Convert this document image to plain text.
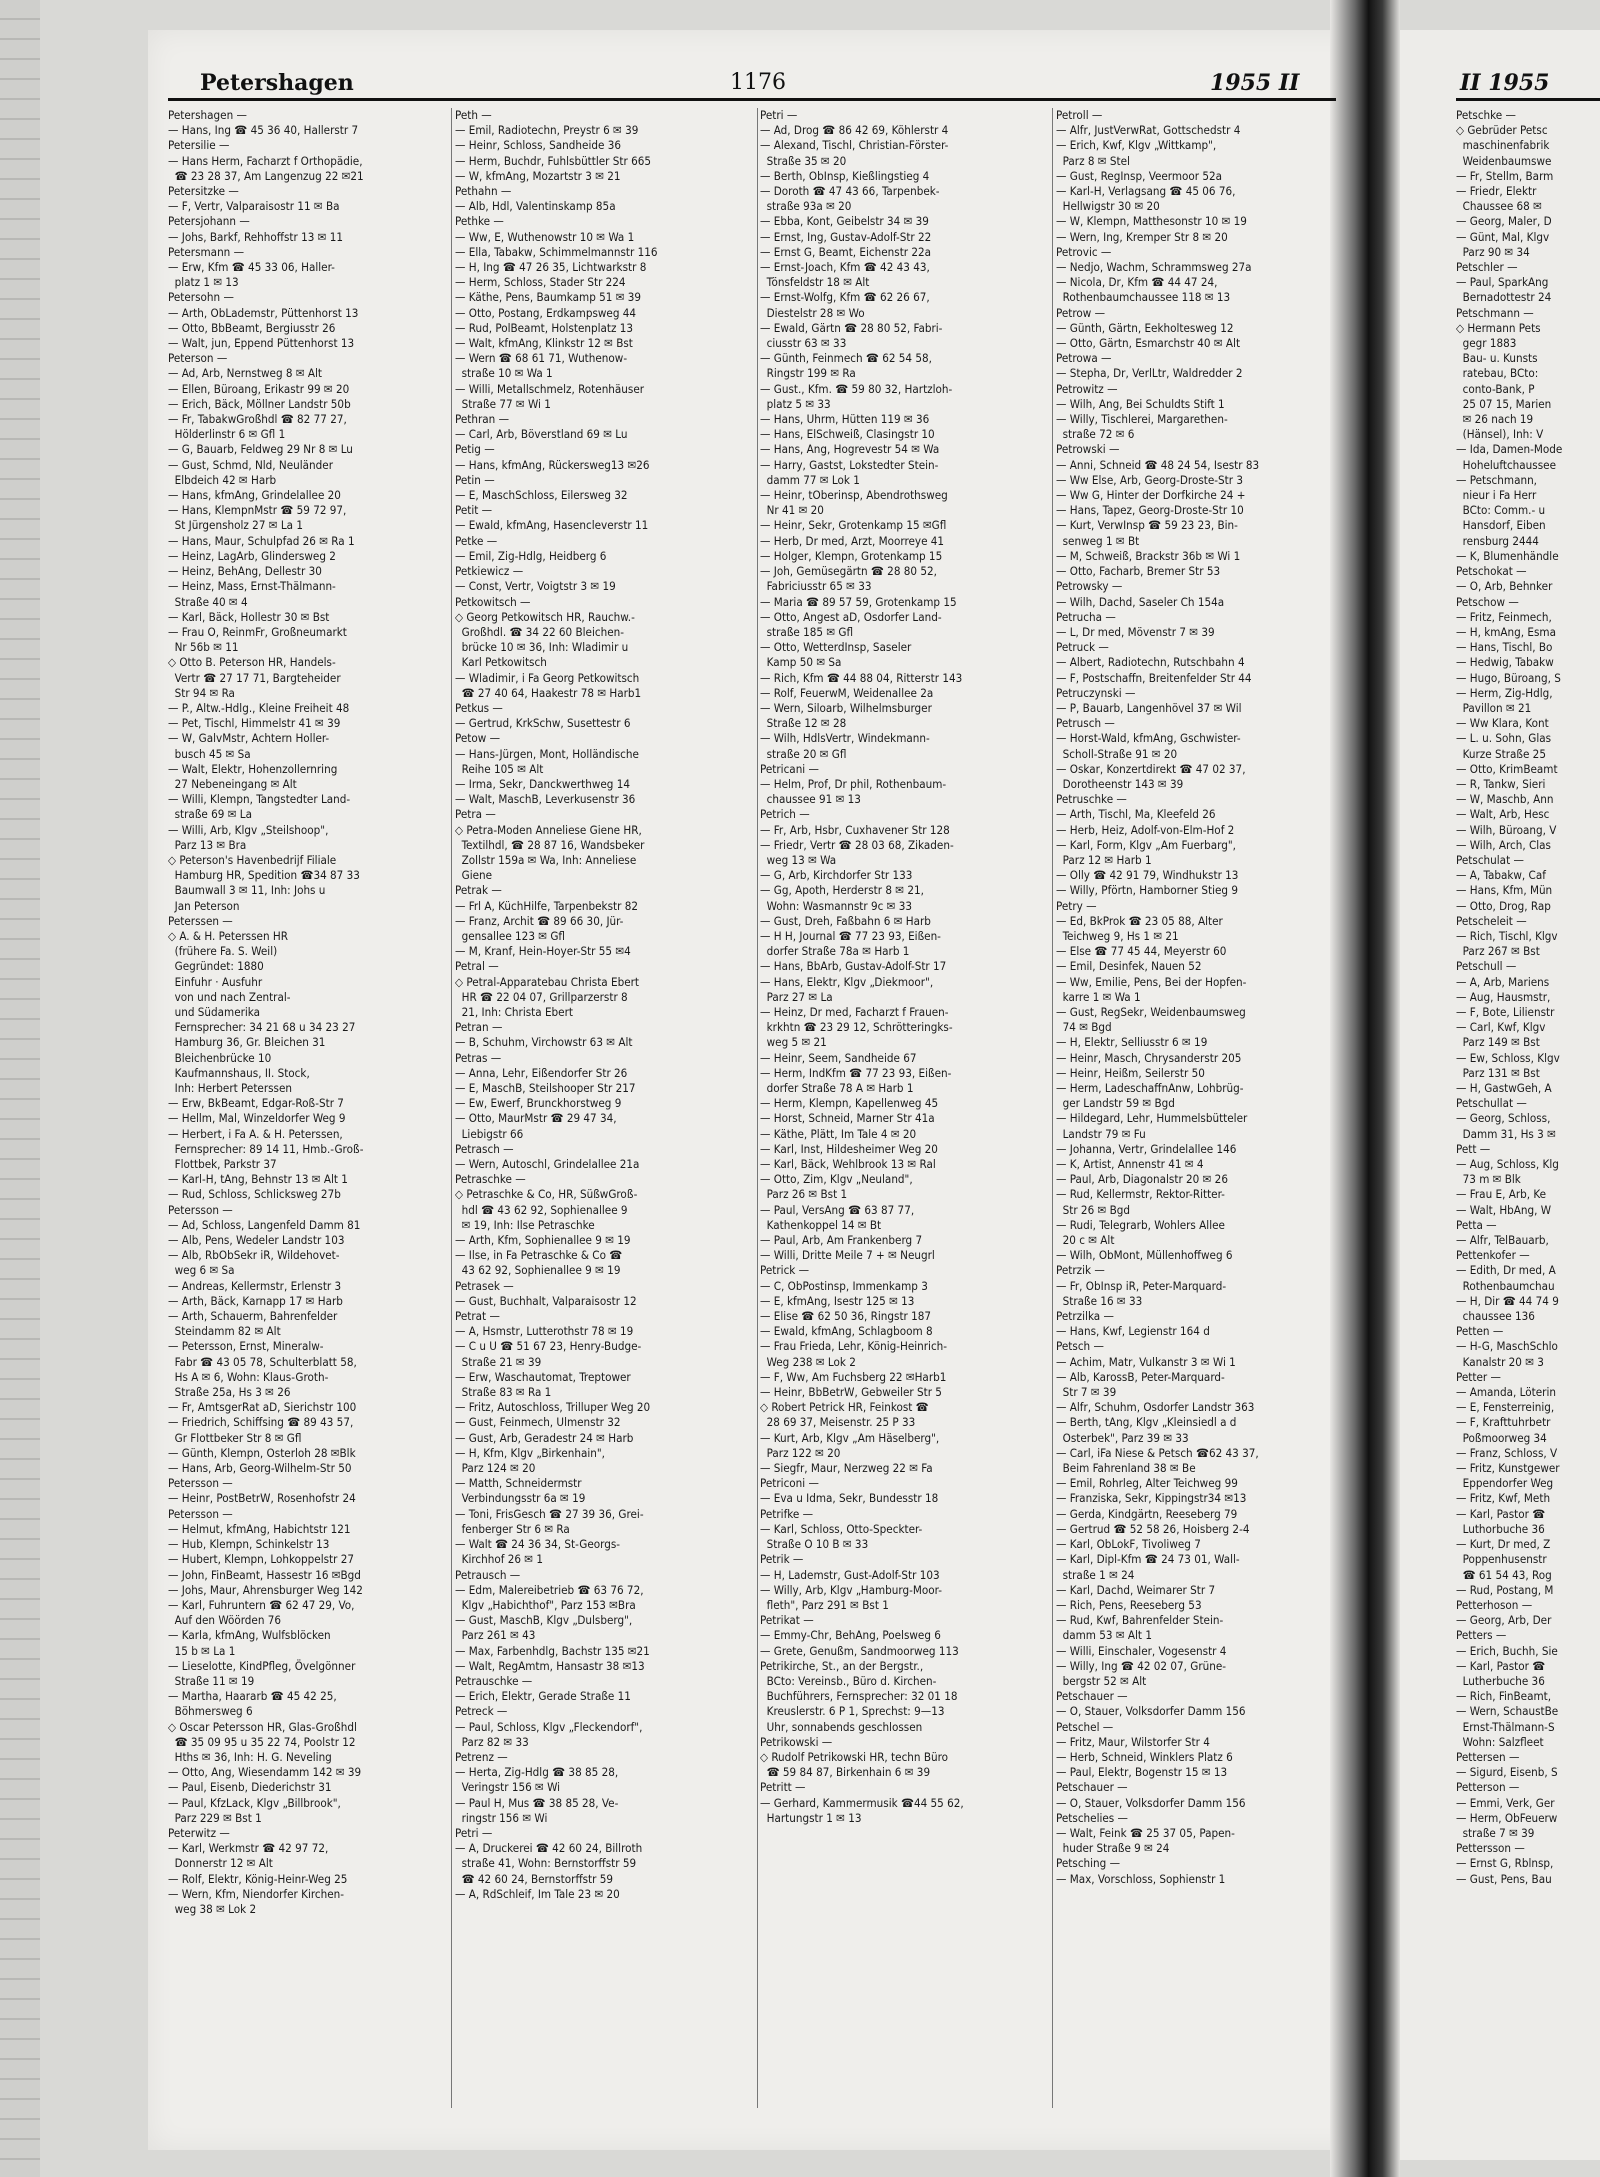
Petershagen	1176	1955 II	II 1955
Petershagen —
— Hans, Ing ☎ 45 36 40, Hallerstr 7
Petersilie —
— Hans Herm, Facharzt f Orthopädie,
☎ 23 28 37, Am Langenzug 22 ✉21
Petersitzke —
— F, Vertr, Valparaisostr 11 ✉ Ba
Petersjohann —
— Johs, Barkf, Rehhoffstr 13 ✉ 11
Petersmann —
— Erw, Kfm ☎ 45 33 06, Haller-
platz 1 ✉ 13
Petersohn —
— Arth, ObLademstr, Püttenhorst 13
— Otto, BbBeamt, Bergiusstr 26
— Walt, jun, Eppend Püttenhorst 13
Peterson —
— Ad, Arb, Nernstweg 8 ✉ Alt
— Ellen, Büroang, Erikastr 99 ✉ 20
— Erich, Bäck, Möllner Landstr 50b
— Fr, TabakwGroßhdl ☎ 82 77 27,
Hölderlinstr 6 ✉ Gfl 1
— G, Bauarb, Feldweg 29 Nr 8 ✉ Lu
— Gust, Schmd, Nld, Neuländer
Elbdeich 42 ✉ Harb
— Hans, kfmAng, Grindelallee 20
— Hans, KlempnMstr ☎ 59 72 97,
St Jürgensholz 27 ✉ La 1
— Hans, Maur, Schulpfad 26 ✉ Ra 1
— Heinz, LagArb, Glindersweg 2
— Heinz, BehAng, Dellestr 30
— Heinz, Mass, Ernst-Thälmann-
Straße 40 ✉ 4
— Karl, Bäck, Hollestr 30 ✉ Bst
— Frau O, ReinmFr, Großneumarkt
Nr 56b ✉ 11
◇ Otto B. Peterson HR, Handels-
Vertr ☎ 27 17 71, Bargteheider
Str 94 ✉ Ra
— P., Altw.-Hdlg., Kleine Freiheit 48
— Pet, Tischl, Himmelstr 41 ✉ 39
— W, GalvMstr, Achtern Holler-
busch 45 ✉ Sa
— Walt, Elektr, Hohenzollernring
27 Nebeneingang ✉ Alt
— Willi, Klempn, Tangstedter Land-
straße 69 ✉ La
— Willi, Arb, Klgv „Steilshoop",
Parz 13 ✉ Bra
◇ Peterson's Havenbedrijf Filiale
Hamburg HR, Spedition ☎34 87 33
Baumwall 3 ✉ 11, Inh: Johs u
Jan Peterson
Peterssen —
◇ A. & H. Peterssen HR
(frühere Fa. S. Weil)
Gegründet: 1880
Einfuhr · Ausfuhr
von und nach Zentral-
und Südamerika
Fernsprecher: 34 21 68 u 34 23 27
Hamburg 36, Gr. Bleichen 31
Bleichenbrücke 10
Kaufmannshaus, II. Stock,
Inh: Herbert Peterssen
— Erw, BkBeamt, Edgar-Roß-Str 7
— Hellm, Mal, Winzeldorfer Weg 9
— Herbert, i Fa A. & H. Peterssen,
Fernsprecher: 89 14 11, Hmb.-Groß-
Flottbek, Parkstr 37
— Karl-H, tAng, Behnstr 13 ✉ Alt 1
— Rud, Schloss, Schlicksweg 27b
Petersson —
— Ad, Schloss, Langenfeld Damm 81
— Alb, Pens, Wedeler Landstr 103
— Alb, RbObSekr iR, Wildehovet-
weg 6 ✉ Sa
— Andreas, Kellermstr, Erlenstr 3
— Arth, Bäck, Karnapp 17 ✉ Harb
— Arth, Schauerm, Bahrenfelder
Steindamm 82 ✉ Alt
— Petersson, Ernst, Mineralw-
Fabr ☎ 43 05 78, Schulterblatt 58,
Hs A ✉ 6, Wohn: Klaus-Groth-
Straße 25a, Hs 3 ✉ 26
— Fr, AmtsgerRat aD, Sierichstr 100
— Friedrich, Schiffsing ☎ 89 43 57,
Gr Flottbeker Str 8 ✉ Gfl
— Günth, Klempn, Osterloh 28 ✉Blk
— Hans, Arb, Georg-Wilhelm-Str 50
Petersson —
— Heinr, PostBetrW, Rosenhofstr 24
Petersson —
— Helmut, kfmAng, Habichtstr 121
— Hub, Klempn, Schinkelstr 13
— Hubert, Klempn, Lohkoppelstr 27
— John, FinBeamt, Hassestr 16 ✉Bgd
— Johs, Maur, Ahrensburger Weg 142
— Karl, Fuhruntern ☎ 62 47 29, Vo,
Auf den Wöörden 76
— Karla, kfmAng, Wulfsblöcken
15 b ✉ La 1
— Lieselotte, KindPfleg, Övelgönner
Straße 11 ✉ 19
— Martha, Haararb ☎ 45 42 25,
Böhmersweg 6
◇ Oscar Petersson HR, Glas-Großhdl
☎ 35 09 95 u 35 22 74, Poolstr 12
Hths ✉ 36, Inh: H. G. Neveling
— Otto, Ang, Wiesendamm 142 ✉ 39
— Paul, Eisenb, Diederichstr 31
— Paul, KfzLack, Klgv „Billbrook",
Parz 229 ✉ Bst 1
Peterwitz —
— Karl, Werkmstr ☎ 42 97 72,
Donnerstr 12 ✉ Alt
— Rolf, Elektr, König-Heinr-Weg 25
— Wern, Kfm, Niendorfer Kirchen-
weg 38 ✉ Lok 2
Peth —
— Emil, Radiotechn, Preystr 6 ✉ 39
— Heinr, Schloss, Sandheide 36
— Herm, Buchdr, Fuhlsbüttler Str 665
— W, kfmAng, Mozartstr 3 ✉ 21
Pethahn —
— Alb, Hdl, Valentinskamp 85a
Pethke —
— Ww, E, Wuthenowstr 10 ✉ Wa 1
— Ella, Tabakw, Schimmelmannstr 116
— H, Ing ☎ 47 26 35, Lichtwarkstr 8
— Herm, Schloss, Stader Str 224
— Käthe, Pens, Baumkamp 51 ✉ 39
— Otto, Postang, Erdkampsweg 44
— Rud, PolBeamt, Holstenplatz 13
— Walt, kfmAng, Klinkstr 12 ✉ Bst
— Wern ☎ 68 61 71, Wuthenow-
straße 10 ✉ Wa 1
— Willi, Metallschmelz, Rotenhäuser
Straße 77 ✉ Wi 1
Pethran —
— Carl, Arb, Böverstland 69 ✉ Lu
Petig —
— Hans, kfmAng, Rückersweg13 ✉26
Petin —
— E, MaschSchloss, Eilersweg 32
Petit —
— Ewald, kfmAng, Hasencleverstr 11
Petke —
— Emil, Zig-Hdlg, Heidberg 6
Petkiewicz —
— Const, Vertr, Voigtstr 3 ✉ 19
Petkowitsch —
◇ Georg Petkowitsch HR, Rauchw.-
Großhdl. ☎ 34 22 60 Bleichen-
brücke 10 ✉ 36, Inh: Wladimir u
Karl Petkowitsch
— Wladimir, i Fa Georg Petkowitsch
☎ 27 40 64, Haakestr 78 ✉ Harb1
Petkus —
— Gertrud, KrkSchw, Susettestr 6
Petow —
— Hans-Jürgen, Mont, Holländische
Reihe 105 ✉ Alt
— Irma, Sekr, Danckwerthweg 14
— Walt, MaschB, Leverkusenstr 36
Petra —
◇ Petra-Moden Anneliese Giene HR,
Textilhdl, ☎ 28 87 16, Wandsbeker
Zollstr 159a ✉ Wa, Inh: Anneliese
Giene
Petrak —
— Frl A, KüchHilfe, Tarpenbekstr 82
— Franz, Archit ☎ 89 66 30, Jür-
gensallee 123 ✉ Gfl
— M, Kranf, Hein-Hoyer-Str 55 ✉4
Petral —
◇ Petral-Apparatebau Christa Ebert
HR ☎ 22 04 07, Grillparzerstr 8
21, Inh: Christa Ebert
Petran —
— B, Schuhm, Virchowstr 63 ✉ Alt
Petras —
— Anna, Lehr, Eißendorfer Str 26
— E, MaschB, Steilshooper Str 217
— Ew, Ewerf, Brunckhorstweg 9
— Otto, MaurMstr ☎ 29 47 34,
Liebigstr 66
Petrasch —
— Wern, Autoschl, Grindelallee 21a
Petraschke —
◇ Petraschke & Co, HR, SüßwGroß-
hdl ☎ 43 62 92, Sophienallee 9
✉ 19, Inh: Ilse Petraschke
— Arth, Kfm, Sophienallee 9 ✉ 19
— Ilse, in Fa Petraschke & Co ☎
43 62 92, Sophienallee 9 ✉ 19
Petrasek —
— Gust, Buchhalt, Valparaisostr 12
Petrat —
— A, Hsmstr, Lutterothstr 78 ✉ 19
— C u U ☎ 51 67 23, Henry-Budge-
Straße 21 ✉ 39
— Erw, Waschautomat, Treptower
Straße 83 ✉ Ra 1
— Fritz, Autoschloss, Trilluper Weg 20
— Gust, Feinmech, Ulmenstr 32
— Gust, Arb, Geradestr 24 ✉ Harb
— H, Kfm, Klgv „Birkenhain",
Parz 124 ✉ 20
— Matth, Schneidermstr
Verbindungsstr 6a ✉ 19
— Toni, FrisGesch ☎ 27 39 36, Grei-
fenberger Str 6 ✉ Ra
— Walt ☎ 24 36 34, St-Georgs-
Kirchhof 26 ✉ 1
Petrausch —
— Edm, Malereibetrieb ☎ 63 76 72,
Klgv „Habichthof", Parz 153 ✉Bra
— Gust, MaschB, Klgv „Dulsberg",
Parz 261 ✉ 43
— Max, Farbenhdlg, Bachstr 135 ✉21
— Walt, RegAmtm, Hansastr 38 ✉13
Petrauschke —
— Erich, Elektr, Gerade Straße 11
Petreck —
— Paul, Schloss, Klgv „Fleckendorf",
Parz 82 ✉ 33
Petrenz —
— Herta, Zig-Hdlg ☎ 38 85 28,
Veringstr 156 ✉ Wi
— Paul H, Mus ☎ 38 85 28, Ve-
ringstr 156 ✉ Wi
Petri —
— A, Druckerei ☎ 42 60 24, Billroth
straße 41, Wohn: Bernstorffstr 59
☎ 42 60 24, Bernstorffstr 59
— A, RdSchleif, Im Tale 23 ✉ 20
Petri —
— Ad, Drog ☎ 86 42 69, Köhlerstr 4
— Alexand, Tischl, Christian-Förster-
Straße 35 ✉ 20
— Berth, ObInsp, Kießlingstieg 4
— Doroth ☎ 47 43 66, Tarpenbek-
straße 93a ✉ 20
— Ebba, Kont, Geibelstr 34 ✉ 39
— Ernst, Ing, Gustav-Adolf-Str 22
— Ernst G, Beamt, Eichenstr 22a
— Ernst-Joach, Kfm ☎ 42 43 43,
Tönsfeldstr 18 ✉ Alt
— Ernst-Wolfg, Kfm ☎ 62 26 67,
Diestelstr 28 ✉ Wo
— Ewald, Gärtn ☎ 28 80 52, Fabri-
ciusstr 63 ✉ 33
— Günth, Feinmech ☎ 62 54 58,
Ringstr 199 ✉ Ra
— Gust., Kfm. ☎ 59 80 32, Hartzloh-
platz 5 ✉ 33
— Hans, Uhrm, Hütten 119 ✉ 36
— Hans, ElSchweiß, Clasingstr 10
— Hans, Ang, Hogrevestr 54 ✉ Wa
— Harry, Gastst, Lokstedter Stein-
damm 77 ✉ Lok 1
— Heinr, tOberinsp, Abendrothsweg
Nr 41 ✉ 20
— Heinr, Sekr, Grotenkamp 15 ✉Gfl
— Herb, Dr med, Arzt, Moorreye 41
— Holger, Klempn, Grotenkamp 15
— Joh, Gemüsegärtn ☎ 28 80 52,
Fabriciusstr 65 ✉ 33
— Maria ☎ 89 57 59, Grotenkamp 15
— Otto, Angest aD, Osdorfer Land-
straße 185 ✉ Gfl
— Otto, WetterdInsp, Saseler
Kamp 50 ✉ Sa
— Rich, Kfm ☎ 44 88 04, Ritterstr 143
— Rolf, FeuerwM, Weidenallee 2a
— Wern, Siloarb, Wilhelmsburger
Straße 12 ✉ 28
— Wilh, HdlsVertr, Windekmann-
straße 20 ✉ Gfl
Petricani —
— Helm, Prof, Dr phil, Rothenbaum-
chaussee 91 ✉ 13
Petrich —
— Fr, Arb, Hsbr, Cuxhavener Str 128
— Friedr, Vertr ☎ 28 03 68, Zikaden-
weg 13 ✉ Wa
— G, Arb, Kirchdorfer Str 133
— Gg, Apoth, Herderstr 8 ✉ 21,
Wohn: Wasmannstr 9c ✉ 33
— Gust, Dreh, Faßbahn 6 ✉ Harb
— H H, Journal ☎ 77 23 93, Eißen-
dorfer Straße 78a ✉ Harb 1
— Hans, BbArb, Gustav-Adolf-Str 17
— Hans, Elektr, Klgv „Diekmoor",
Parz 27 ✉ La
— Heinz, Dr med, Facharzt f Frauen-
krkhtn ☎ 23 29 12, Schrötteringks-
weg 5 ✉ 21
— Heinr, Seem, Sandheide 67
— Herm, IndKfm ☎ 77 23 93, Eißen-
dorfer Straße 78 A ✉ Harb 1
— Herm, Klempn, Kapellenweg 45
— Horst, Schneid, Marner Str 41a
— Käthe, Plätt, Im Tale 4 ✉ 20
— Karl, Inst, Hildesheimer Weg 20
— Karl, Bäck, Wehlbrook 13 ✉ Ral
— Otto, Zim, Klgv „Neuland",
Parz 26 ✉ Bst 1
— Paul, VersAng ☎ 63 87 77,
Kathenkoppel 14 ✉ Bt
— Paul, Arb, Am Frankenberg 7
— Willi, Dritte Meile 7 + ✉ Neugrl
Petrick —
— C, ObPostinsp, Immenkamp 3
— E, kfmAng, Isestr 125 ✉ 13
— Elise ☎ 62 50 36, Ringstr 187
— Ewald, kfmAng, Schlagboom 8
— Frau Frieda, Lehr, König-Heinrich-
Weg 238 ✉ Lok 2
— F, Ww, Am Fuchsberg 22 ✉Harb1
— Heinr, BbBetrW, Gebweiler Str 5
◇ Robert Petrick HR, Feinkost ☎
28 69 37, Meisenstr. 25 P 33
— Kurt, Arb, Klgv „Am Häselberg",
Parz 122 ✉ 20
— Siegfr, Maur, Nerzweg 22 ✉ Fa
Petriconi —
— Eva u Idma, Sekr, Bundesstr 18
Petrifke —
— Karl, Schloss, Otto-Speckter-
Straße O 10 B ✉ 33
Petrik —
— H, Lademstr, Gust-Adolf-Str 103
— Willy, Arb, Klgv „Hamburg-Moor-
fleth", Parz 291 ✉ Bst 1
Petrikat —
— Emmy-Chr, BehAng, Poelsweg 6
— Grete, Genußm, Sandmoorweg 113
Petrikirche, St., an der Bergstr.,
BCto: Vereinsb., Büro d. Kirchen-
Buchführers, Fernsprecher: 32 01 18
Kreuslerstr. 6 P 1, Sprechst: 9—13
Uhr, sonnabends geschlossen
Petrikowski —
◇ Rudolf Petrikowski HR, techn Büro
☎ 59 84 87, Birkenhain 6 ✉ 39
Petritt —
— Gerhard, Kammermusik ☎44 55 62,
Hartungstr 1 ✉ 13
Petroll —
— Alfr, JustVerwRat, Gottschedstr 4
— Erich, Kwf, Klgv „Wittkamp",
Parz 8 ✉ Stel
— Gust, RegInsp, Veermoor 52a
— Karl-H, Verlagsang ☎ 45 06 76,
Hellwigstr 30 ✉ 20
— W, Klempn, Matthesonstr 10 ✉ 19
— Wern, Ing, Kremper Str 8 ✉ 20
Petrovic —
— Nedjo, Wachm, Schrammsweg 27a
— Nicola, Dr, Kfm ☎ 44 47 24,
Rothenbaumchaussee 118 ✉ 13
Petrow —
— Günth, Gärtn, Eekholtesweg 12
— Otto, Gärtn, Esmarchstr 40 ✉ Alt
Petrowa —
— Stepha, Dr, VerlLtr, Waldredder 2
Petrowitz —
— Wilh, Ang, Bei Schuldts Stift 1
— Willy, Tischlerei, Margarethen-
straße 72 ✉ 6
Petrowski —
— Anni, Schneid ☎ 48 24 54, Isestr 83
— Ww Else, Arb, Georg-Droste-Str 3
— Ww G, Hinter der Dorfkirche 24 +
— Hans, Tapez, Georg-Droste-Str 10
— Kurt, VerwInsp ☎ 59 23 23, Bin-
senweg 1 ✉ Bt
— M, Schweiß, Brackstr 36b ✉ Wi 1
— Otto, Facharb, Bremer Str 53
Petrowsky —
— Wilh, Dachd, Saseler Ch 154a
Petrucha —
— L, Dr med, Mövenstr 7 ✉ 39
Petruck —
— Albert, Radiotechn, Rutschbahn 4
— F, Postschaffn, Breitenfelder Str 44
Petruczynski —
— P, Bauarb, Langenhövel 37 ✉ Wil
Petrusch —
— Horst-Wald, kfmAng, Gschwister-
Scholl-Straße 91 ✉ 20
— Oskar, Konzertdirekt ☎ 47 02 37,
Dorotheenstr 143 ✉ 39
Petruschke —
— Arth, Tischl, Ma, Kleefeld 26
— Herb, Heiz, Adolf-von-Elm-Hof 2
— Karl, Form, Klgv „Am Fuerbarg",
Parz 12 ✉ Harb 1
— Olly ☎ 42 91 79, Windhukstr 13
— Willy, Pförtn, Hamborner Stieg 9
Petry —
— Ed, BkProk ☎ 23 05 88, Alter
Teichweg 9, Hs 1 ✉ 21
— Else ☎ 77 45 44, Meyerstr 60
— Emil, Desinfek, Nauen 52
— Ww, Emilie, Pens, Bei der Hopfen-
karre 1 ✉ Wa 1
— Gust, RegSekr, Weidenbaumsweg
74 ✉ Bgd
— H, Elektr, Selliusstr 6 ✉ 19
— Heinr, Masch, Chrysanderstr 205
— Heinr, Heißm, Seilerstr 50
— Herm, LadeschaffnAnw, Lohbrüg-
ger Landstr 59 ✉ Bgd
— Hildegard, Lehr, Hummelsbütteler
Landstr 79 ✉ Fu
— Johanna, Vertr, Grindelallee 146
— K, Artist, Annenstr 41 ✉ 4
— Paul, Arb, Diagonalstr 20 ✉ 26
— Rud, Kellermstr, Rektor-Ritter-
Str 26 ✉ Bgd
— Rudi, Telegrarb, Wohlers Allee
20 c ✉ Alt
— Wilh, ObMont, Müllenhoffweg 6
Petrzik —
— Fr, ObInsp iR, Peter-Marquard-
Straße 16 ✉ 33
Petrzilka —
— Hans, Kwf, Legienstr 164 d
Petsch —
— Achim, Matr, Vulkanstr 3 ✉ Wi 1
— Alb, KarossB, Peter-Marquard-
Str 7 ✉ 39
— Alfr, Schuhm, Osdorfer Landstr 363
— Berth, tAng, Klgv „Kleinsiedl a d
Osterbek", Parz 39 ✉ 33
— Carl, iFa Niese & Petsch ☎62 43 37,
Beim Fahrenland 38 ✉ Be
— Emil, Rohrleg, Alter Teichweg 99
— Franziska, Sekr, Kippingstr34 ✉13
— Gerda, Kindgärtn, Reeseberg 79
— Gertrud ☎ 52 58 26, Hoisberg 2-4
— Karl, ObLokF, Tivoliweg 7
— Karl, Dipl-Kfm ☎ 24 73 01, Wall-
straße 1 ✉ 24
— Karl, Dachd, Weimarer Str 7
— Rich, Pens, Reeseberg 53
— Rud, Kwf, Bahrenfelder Stein-
damm 53 ✉ Alt 1
— Willi, Einschaler, Vogesenstr 4
— Willy, Ing ☎ 42 02 07, Grüne-
bergstr 52 ✉ Alt
Petschauer —
— O, Stauer, Volksdorfer Damm 156
Petschel —
— Fritz, Maur, Wilstorfer Str 4
— Herb, Schneid, Winklers Platz 6
— Paul, Elektr, Bogenstr 15 ✉ 13
Petschauer —
— O, Stauer, Volksdorfer Damm 156
Petschelies —
— Walt, Feink ☎ 25 37 05, Papen-
huder Straße 9 ✉ 24
Petsching —
— Max, Vorschloss, Sophienstr 1
Petschke —
◇ Gebrüder Petsc
maschinenfabrik
Weidenbaumswe
— Fr, Stellm, Barm
— Friedr, Elektr
Chaussee 68 ✉
— Georg, Maler, D
— Günt, Mal, Klgv
Parz 90 ✉ 34
Petschler —
— Paul, SparkAng
Bernadottestr 24
Petschmann —
◇ Hermann Pets
gegr 1883
Bau- u. Kunsts
ratebau, BCto:
conto-Bank, P
25 07 15, Marien
✉ 26 nach 19
(Hänsel), Inh: V
— Ida, Damen-Mode
Hoheluftchaussee
— Petschmann,
nieur i Fa Herr
BCto: Comm.- u
Hansdorf, Eiben
rensburg 2444
— K, Blumenhändle
Petschokat —
— O, Arb, Behnker
Petschow —
— Fritz, Feinmech,
— H, kmAng, Esma
— Hans, Tischl, Bo
— Hedwig, Tabakw
— Hugo, Büroang, S
— Herm, Zig-Hdlg,
Pavillon ✉ 21
— Ww Klara, Kont
— L. u. Sohn, Glas
Kurze Straße 25
— Otto, KrimBeamt
— R, Tankw, Sieri
— W, Maschb, Ann
— Walt, Arb, Hesc
— Wilh, Büroang, V
— Wilh, Arch, Clas
Petschulat —
— A, Tabakw, Caf
— Hans, Kfm, Mün
— Otto, Drog, Rap
Petscheleit —
— Rich, Tischl, Klgv
Parz 267 ✉ Bst
Petschull —
— A, Arb, Mariens
— Aug, Hausmstr,
— F, Bote, Lilienstr
— Carl, Kwf, Klgv
Parz 149 ✉ Bst
— Ew, Schloss, Klgv
Parz 131 ✉ Bst
— H, GastwGeh, A
Petschullat —
— Georg, Schloss,
Damm 31, Hs 3 ✉
Pett —
— Aug, Schloss, Klg
73 m ✉ Blk
— Frau E, Arb, Ke
— Walt, HbAng, W
Petta —
— Alfr, TelBauarb,
Pettenkofer —
— Edith, Dr med, A
Rothenbaumchau
— H, Dir ☎ 44 74 9
chaussee 136
Petten —
— H-G, MaschSchlo
Kanalstr 20 ✉ 3
Petter —
— Amanda, Löterin
— E, Fensterreinig,
— F, Krafttuhrbetr
Poßmoorweg 34
— Franz, Schloss, V
— Fritz, Kunstgewer
Eppendorfer Weg
— Fritz, Kwf, Meth
— Karl, Pastor ☎
Luthorbuche 36
— Kurt, Dr med, Z
Poppenhusenstr
☎ 61 54 43, Rog
— Rud, Postang, M
Petterhoson —
— Georg, Arb, Der
Petters —
— Erich, Buchh, Sie
— Karl, Pastor ☎
Lutherbuche 36
— Rich, FinBeamt,
— Wern, SchaustBe
Ernst-Thälmann-S
Wohn: Salzfleet
Pettersen —
— Sigurd, Eisenb, S
Petterson —
— Emmi, Verk, Ger
— Herm, ObFeuerw
straße 7 ✉ 39
Pettersson —
— Ernst G, Rblnsp,
— Gust, Pens, Bau
